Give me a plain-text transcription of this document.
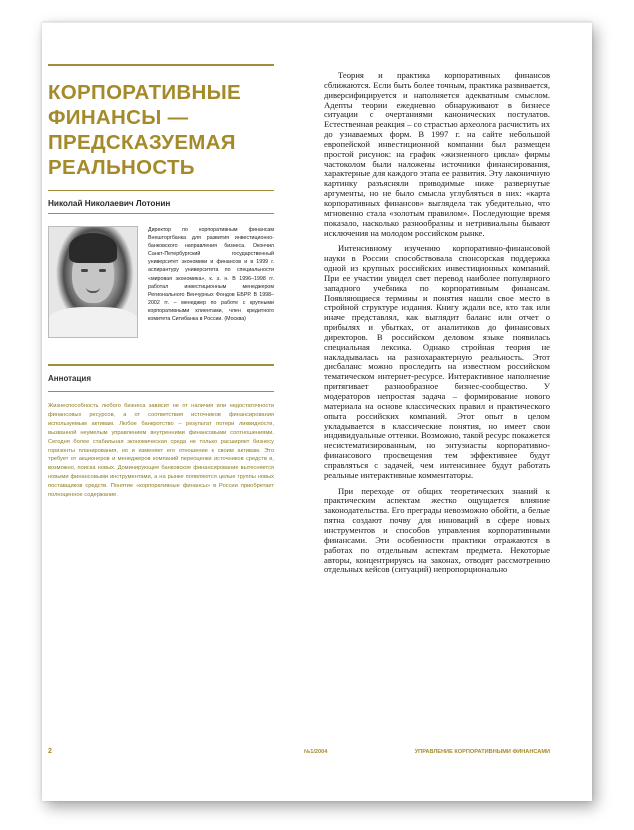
КОРПОРАТИВНЫЕ ФИНАНСЫ — ПРЕДСКАЗУЕМАЯ РЕАЛЬНОСТЬ
Николай Николаевич Лотонин
Директор по корпоративным финансам Внешторгбанка для развития инвестиционно-банковского направления бизнеса. Окончил Санкт-Петербургский государственный университет экономики и финансов и в 1999 г. аспирантуру университета по специальности «мировая экономика», к. э. н. В 1996–1998 гг. работал инвестиционным менеджером Регионального Венчурных Фондов ЕБРР. В 1998–2002 гг. – менеджер по работе с крупными корпоративными клиентами, член кредитного комитета Ситибанка в России. (Москва)
Аннотация
Жизнеспособность любого бизнеса зависит не от наличия или недостаточности финансовых ресурсов, а от соответствия источников финансирования используемым активам. Любое банкротство – результат потери ликвидности, вызванной неумелым управлением внутренними финансовыми соотношениями. Сегодня более стабильная экономическая среда не только расширяет бизнесу горизонты планирования, но и изменяет его отношение к своим активам. Это требует от акционеров и менеджеров компаний переоценки источников средств и, возможно, поиска новых. Доминирующее банковское финансирование вытесняется новыми финансовыми инструментами, а на рынке появляются целые группы новых поставщиков средств. Понятие «корпоративные финансы» в России приобретает полноценное содержание.

Теория и практика корпоративных финансов сближаются. Если быть более точным, практика развивается, диверсифицируется и наполняется адекватным смыслом. Адепты теории ежедневно обнаруживают в бизнесе ситуации с очертаниями канонических постулатов. Естественная реакция – со страстью археолога расчистить их до узнаваемых форм. В 1997 г. на сайте небольшой европейской инвестиционной компании был размещен простой рисунок: на график «жизненного цикла» фирмы частоколом были наложены источники финансирования, характерные для каждого этапа ее развития. Эту лаконичную картинку разъясняли приводимые ниже развернутые аргументы, но не было смысла углубляться в них: «карта корпоративных финансов» выглядела так убедительно, что мгновенно стала «золотым правилом». Последующие время показало, насколько разнообразны и нетривиальны бывают исключения на молодом российском рынке.

Интенсивному изучению корпоративно-финансовой науки в России способствовала спонсорская поддержка одной из крупных российских инвестиционных компаний. При ее участии увидел свет перевод наиболее популярного западного учебника по корпоративным финансам. Появляющиеся термины и понятия нашли свое место в стройной структуре издания. Книгу ждали все, кто так или иначе представлял, как выглядит баланс или отчет о прибылях и убытках, от аналитиков до финансовых директоров. В российском деловом языке появилась специальная лексика. Однако стройная теория не накладывалась на разнохарактерную реальность. Этот дисбаланс можно проследить на известном российском тематическом интернет-ресурсе. Интерактивное наполнение притягивает разнообразное бизнес-сообщество. У модераторов непростая задача – формирование нового материала на основе классических правил и практического опыта российских компаний. Этот опыт в целом укладывается в классические понятия, но имеет свои индивидуальные оттенки. Возможно, такой ресурс покажется несистематизированным, но энтузиасты корпоративно-финансового просвещения тем эффективнее будут справляться с задачей, чем интенсивнее будут работать реальные интерактивные комментаторы.

При переходе от общих теоретических знаний к практическим аспектам жестко ощущается влияние законодательства. Его преграды невозможно обойти, а белые пятна создают почву для инноваций в сфере новых инструментов и способов управления корпоративными финансами. Эти особенности практики отражаются в работах по отдельным аспектам предмета. Некоторые авторы, концентрируясь на законах, отводят рассмотрению отдельных кейсов (ситуаций) непропорционально

2	№1/2004	УПРАВЛЕНИЕ КОРПОРАТИВНЫМИ ФИНАНСАМИ
